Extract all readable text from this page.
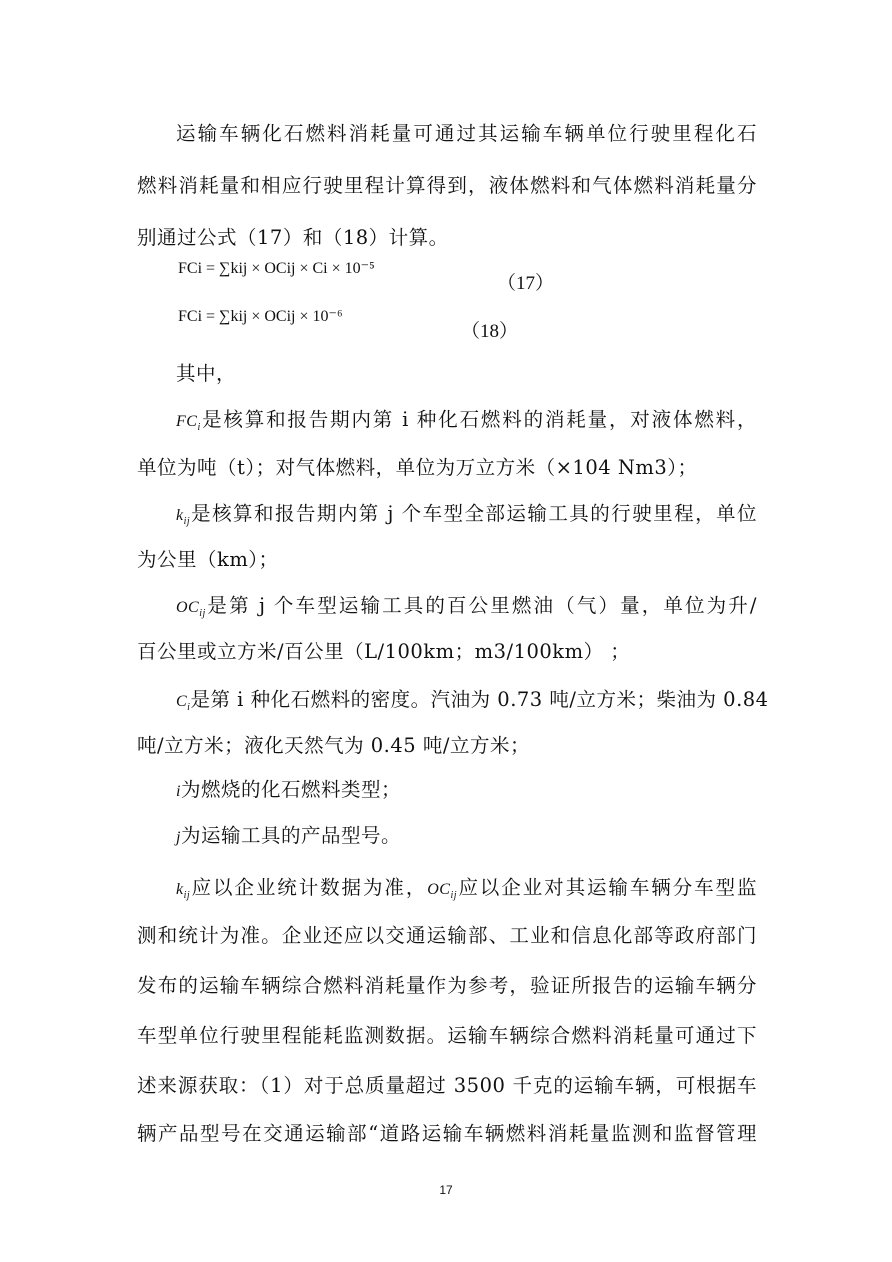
运输车辆化石燃料消耗量可通过其运输车辆单位行驶里程化石
燃料消耗量和相应行驶里程计算得到，液体燃料和气体燃料消耗量分
别通过公式（17）和（18）计算。
FCi = ∑kij × OCij × Ci × 10⁻⁵
（17）
FCi = ∑kij × OCij × 10⁻⁶
（18）
其中，
$FC_i$是核算和报告期内第 i 种化石燃料的消耗量，对液体燃料，
单位为吨（t）；对气体燃料，单位为万立方米（×104 Nm3）；
$k_{ij}$是核算和报告期内第 j 个车型全部运输工具的行驶里程，单位
为公里（km）；
$OC_{ij}$是第 j 个车型运输工具的百公里燃油（气）量，单位为升/
百公里或立方米/百公里（L/100km；m3/100km） ；
$C_i$是第 i 种化石燃料的密度。汽油为 0.73 吨/立方米；柴油为 0.84
吨/立方米；液化天然气为 0.45 吨/立方米；
i为燃烧的化石燃料类型；
j为运输工具的产品型号。
$k_{ij}$应以企业统计数据为准，$OC_{ij}$应以企业对其运输车辆分车型监
测和统计为准。企业还应以交通运输部、工业和信息化部等政府部门
发布的运输车辆综合燃料消耗量作为参考，验证所报告的运输车辆分
车型单位行驶里程能耗监测数据。运输车辆综合燃料消耗量可通过下
述来源获取：（1）对于总质量超过 3500 千克的运输车辆，可根据车
辆产品型号在交通运输部“道路运输车辆燃料消耗量监测和监督管理
17
